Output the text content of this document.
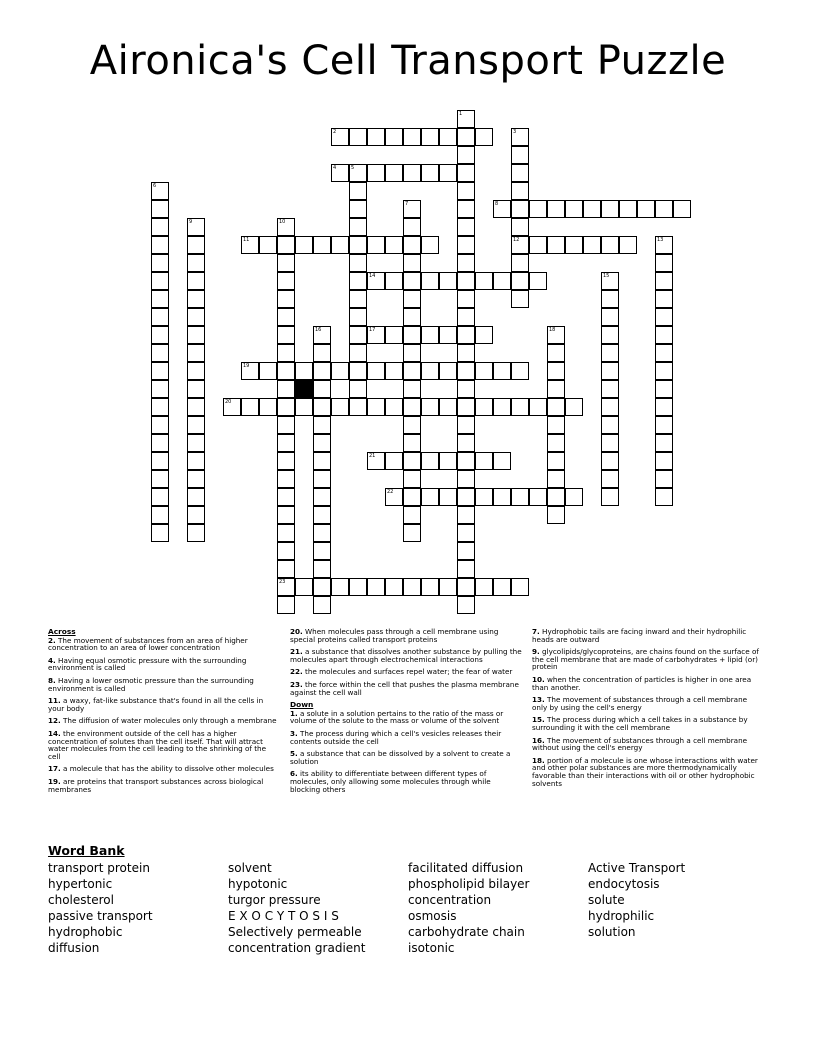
Aironica's Cell Transport Puzzle
1
2	3
12
4	5
6
7	8
9	10
23
11	13
14	15
16	17	18
19
20
21
22
Across
2. The movement of substances from an area of higher concentration to an area of lower concentration
4. Having equal osmotic pressure with the surrounding environment is called
8. Having a lower osmotic pressure than the surrounding environment is called
11. a waxy, fat-like substance that's found in all the cells in your body
12. The diffusion of water molecules only through a membrane
14. the environment outside of the cell has a higher concentration of solutes than the cell itself. That will attract water molecules from the cell leading to the shrinking of the cell
17. a molecule that has the ability to dissolve other molecules
19. are proteins that transport substances across biological membranes
20. When molecules pass through a cell membrane using special proteins called transport proteins
21. a substance that dissolves another substance by pulling the molecules apart through electrochemical interactions
22. the molecules and surfaces repel water; the fear of water
23. the force within the cell that pushes the plasma membrane against the cell wall
Down
1. a solute in a solution pertains to the ratio of the mass or volume of the solute to the mass or volume of the solvent
3. The process during which a cell's vesicles releases their contents outside the cell
5. a substance that can be dissolved by a solvent to create a solution
6. its ability to differentiate between different types of molecules, only allowing some molecules through while blocking others
7. Hydrophobic tails are facing inward and their hydrophilic heads are outward
9. glycolipids/glycoproteins, are chains found on the surface of the cell membrane that are made of carbohydrates + lipid (or) protein
10. when the concentration of particles is higher in one area than another.
13. The movement of substances through a cell membrane only by using the cell's energy
15. The process during which a cell takes in a substance by surrounding it with the cell membrane
16. The movement of substances through a cell membrane without using the cell's energy
18. portion of a molecule is one whose interactions with water and other polar substances are more thermodynamically favorable than their interactions with oil or other hydrophobic solvents
Word Bank
transport protein
hypertonic
cholesterol
passive transport
hydrophobic
diffusion
solvent
hypotonic
turgor pressure
E X O C Y T O S I S
Selectively permeable
concentration gradient
facilitated diffusion
phospholipid bilayer
concentration
osmosis
carbohydrate chain
isotonic
Active Transport
endocytosis
solute
hydrophilic
solution
